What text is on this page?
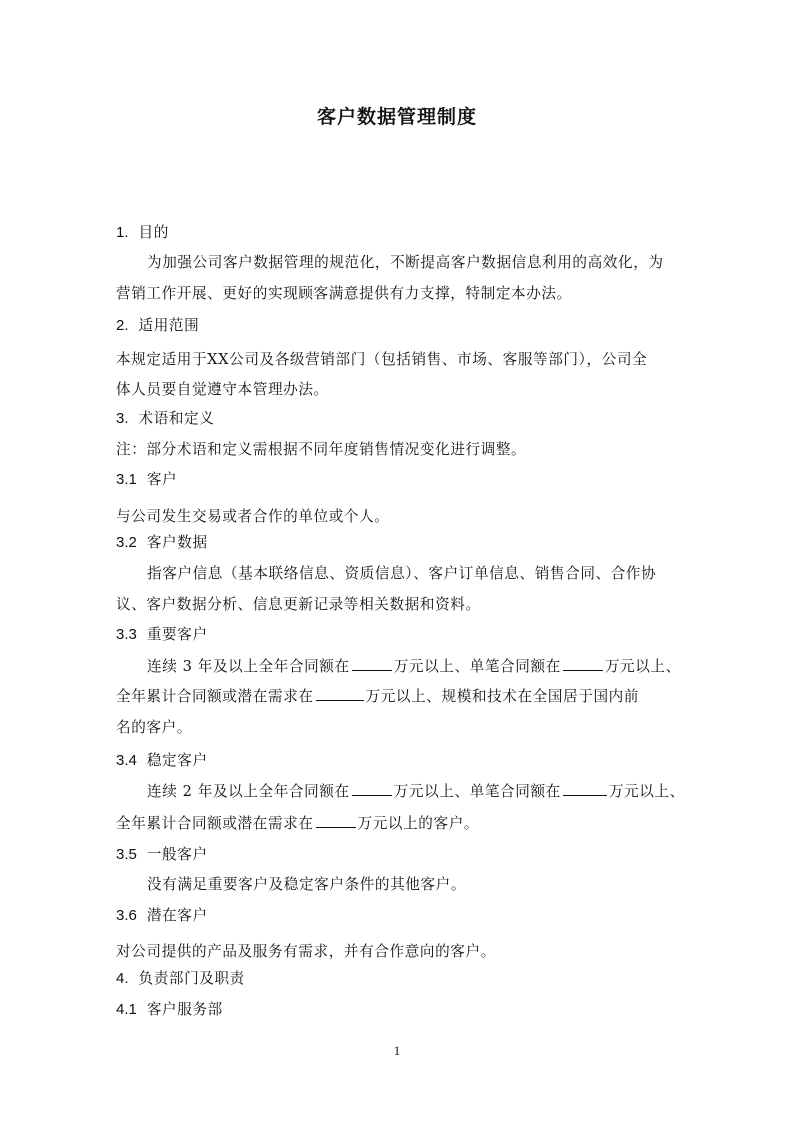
客户数据管理制度
1. 目的
为加强公司客户数据管理的规范化，不断提高客户数据信息利用的高效化，为
营销工作开展、更好的实现顾客满意提供有力支撑，特制定本办法。
2. 适用范围
本规定适用于XX公司及各级营销部门（包括销售、市场、客服等部门），公司全
体人员要自觉遵守本管理办法。
3. 术语和定义
注：部分术语和定义需根据不同年度销售情况变化进行调整。
3.1 客户
与公司发生交易或者合作的单位或个人。
3.2 客户数据
指客户信息（基本联络信息、资质信息）、客户订单信息、销售合同、合作协
议、客户数据分析、信息更新记录等相关数据和资料。
3.3 重要客户
连续 3 年及以上全年合同额在	万元以上、单笔合同额在	万元以上、
全年累计合同额或潜在需求在	万元以上、规模和技术在全国居于国内前
名的客户。
3.4 稳定客户
连续 2 年及以上全年合同额在	万元以上、单笔合同额在	万元以上、
全年累计合同额或潜在需求在	万元以上的客户。
3.5 一般客户
没有满足重要客户及稳定客户条件的其他客户。
3.6 潜在客户
对公司提供的产品及服务有需求，并有合作意向的客户。
4. 负责部门及职责
4.1 客户服务部
1
